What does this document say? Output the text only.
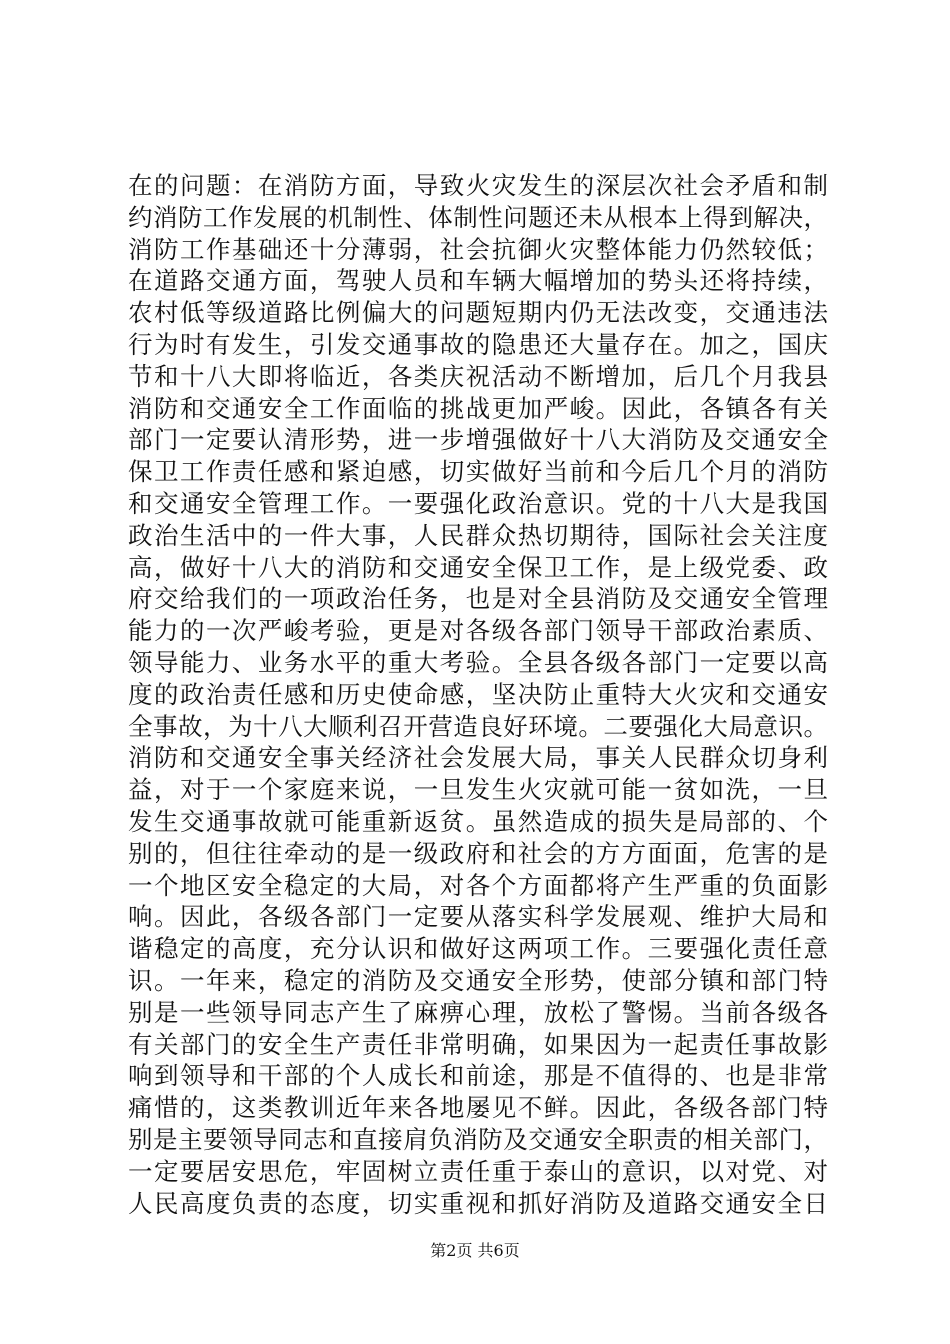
在的问题：在消防方面，导致火灾发生的深层次社会矛盾和制
约消防工作发展的机制性、体制性问题还未从根本上得到解决，
消防工作基础还十分薄弱，社会抗御火灾整体能力仍然较低；
在道路交通方面，驾驶人员和车辆大幅增加的势头还将持续，
农村低等级道路比例偏大的问题短期内仍无法改变，交通违法
行为时有发生，引发交通事故的隐患还大量存在。加之，国庆
节和十八大即将临近，各类庆祝活动不断增加，后几个月我县
消防和交通安全工作面临的挑战更加严峻。因此，各镇各有关
部门一定要认清形势，进一步增强做好十八大消防及交通安全
保卫工作责任感和紧迫感，切实做好当前和今后几个月的消防
和交通安全管理工作。一要强化政治意识。党的十八大是我国
政治生活中的一件大事，人民群众热切期待，国际社会关注度
高，做好十八大的消防和交通安全保卫工作，是上级党委、政
府交给我们的一项政治任务，也是对全县消防及交通安全管理
能力的一次严峻考验，更是对各级各部门领导干部政治素质、
领导能力、业务水平的重大考验。全县各级各部门一定要以高
度的政治责任感和历史使命感，坚决防止重特大火灾和交通安
全事故，为十八大顺利召开营造良好环境。二要强化大局意识。
消防和交通安全事关经济社会发展大局，事关人民群众切身利
益，对于一个家庭来说，一旦发生火灾就可能一贫如洗，一旦
发生交通事故就可能重新返贫。虽然造成的损失是局部的、个
别的，但往往牵动的是一级政府和社会的方方面面，危害的是
一个地区安全稳定的大局，对各个方面都将产生严重的负面影
响。因此，各级各部门一定要从落实科学发展观、维护大局和
谐稳定的高度，充分认识和做好这两项工作。三要强化责任意
识。一年来，稳定的消防及交通安全形势，使部分镇和部门特
别是一些领导同志产生了麻痹心理，放松了警惕。当前各级各
有关部门的安全生产责任非常明确，如果因为一起责任事故影
响到领导和干部的个人成长和前途，那是不值得的、也是非常
痛惜的，这类教训近年来各地屡见不鲜。因此，各级各部门特
别是主要领导同志和直接肩负消防及交通安全职责的相关部门，
一定要居安思危，牢固树立责任重于泰山的意识，以对党、对
人民高度负责的态度，切实重视和抓好消防及道路交通安全日
第2页 共6页
